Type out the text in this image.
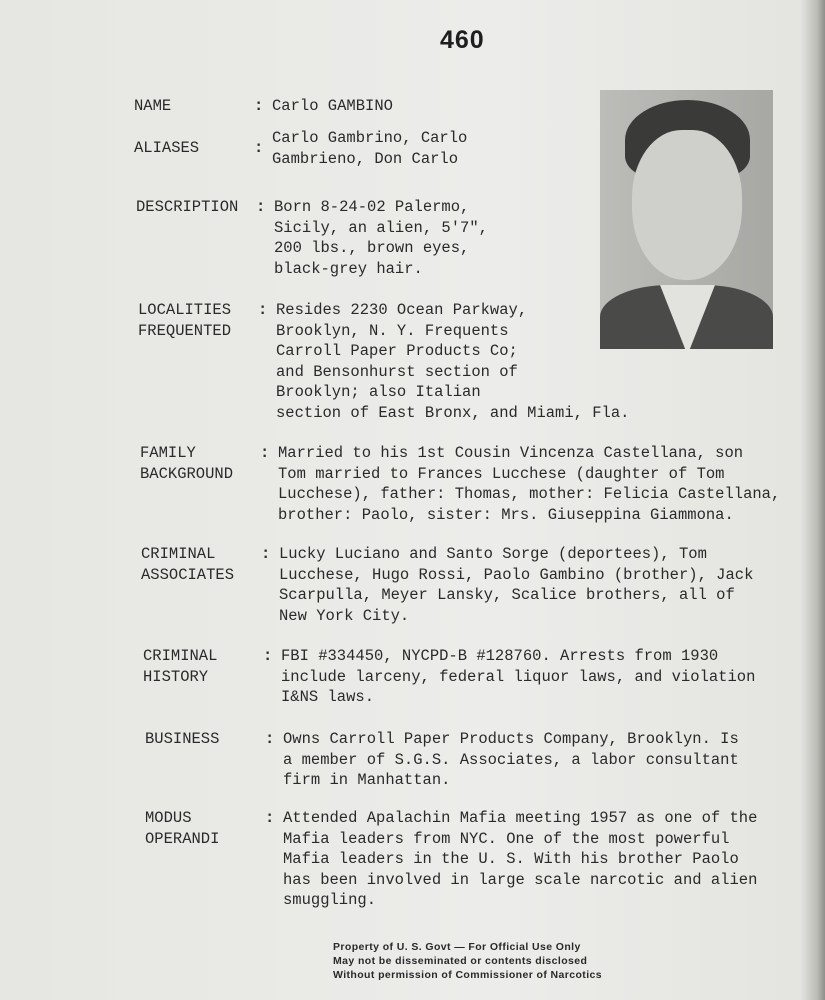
460
NAME	: Carlo GAMBINO
ALIASES	:
Carlo Gambrino, Carlo
Gambrieno, Don Carlo
DESCRIPTION	: Born 8-24-02 Palermo,
Sicily, an alien, 5'7",
200 lbs., brown eyes,
black-grey hair.
LOCALITIES
FREQUENTED
: Resides 2230 Ocean Parkway,
Brooklyn, N. Y. Frequents
Carroll Paper Products Co;
and Bensonhurst section of
Brooklyn; also Italian
section of East Bronx, and Miami, Fla.
FAMILY
BACKGROUND
: Married to his 1st Cousin Vincenza Castellana, son
Tom married to Frances Lucchese (daughter of Tom
Lucchese), father: Thomas, mother: Felicia Castellana,
brother: Paolo, sister: Mrs. Giuseppina Giammona.
CRIMINAL
ASSOCIATES
: Lucky Luciano and Santo Sorge (deportees), Tom
Lucchese, Hugo Rossi, Paolo Gambino (brother), Jack
Scarpulla, Meyer Lansky, Scalice brothers, all of
New York City.
CRIMINAL
HISTORY
: FBI #334450, NYCPD-B #128760. Arrests from 1930
include larceny, federal liquor laws, and violation
I&NS laws.
BUSINESS	: Owns Carroll Paper Products Company, Brooklyn. Is
a member of S.G.S. Associates, a labor consultant
firm in Manhattan.
MODUS
OPERANDI
: Attended Apalachin Mafia meeting 1957 as one of the
Mafia leaders from NYC. One of the most powerful
Mafia leaders in the U. S. With his brother Paolo
has been involved in large scale narcotic and alien
smuggling.
Property of U. S. Govt — For Official Use Only
May not be disseminated or contents disclosed
Without permission of Commissioner of Narcotics
